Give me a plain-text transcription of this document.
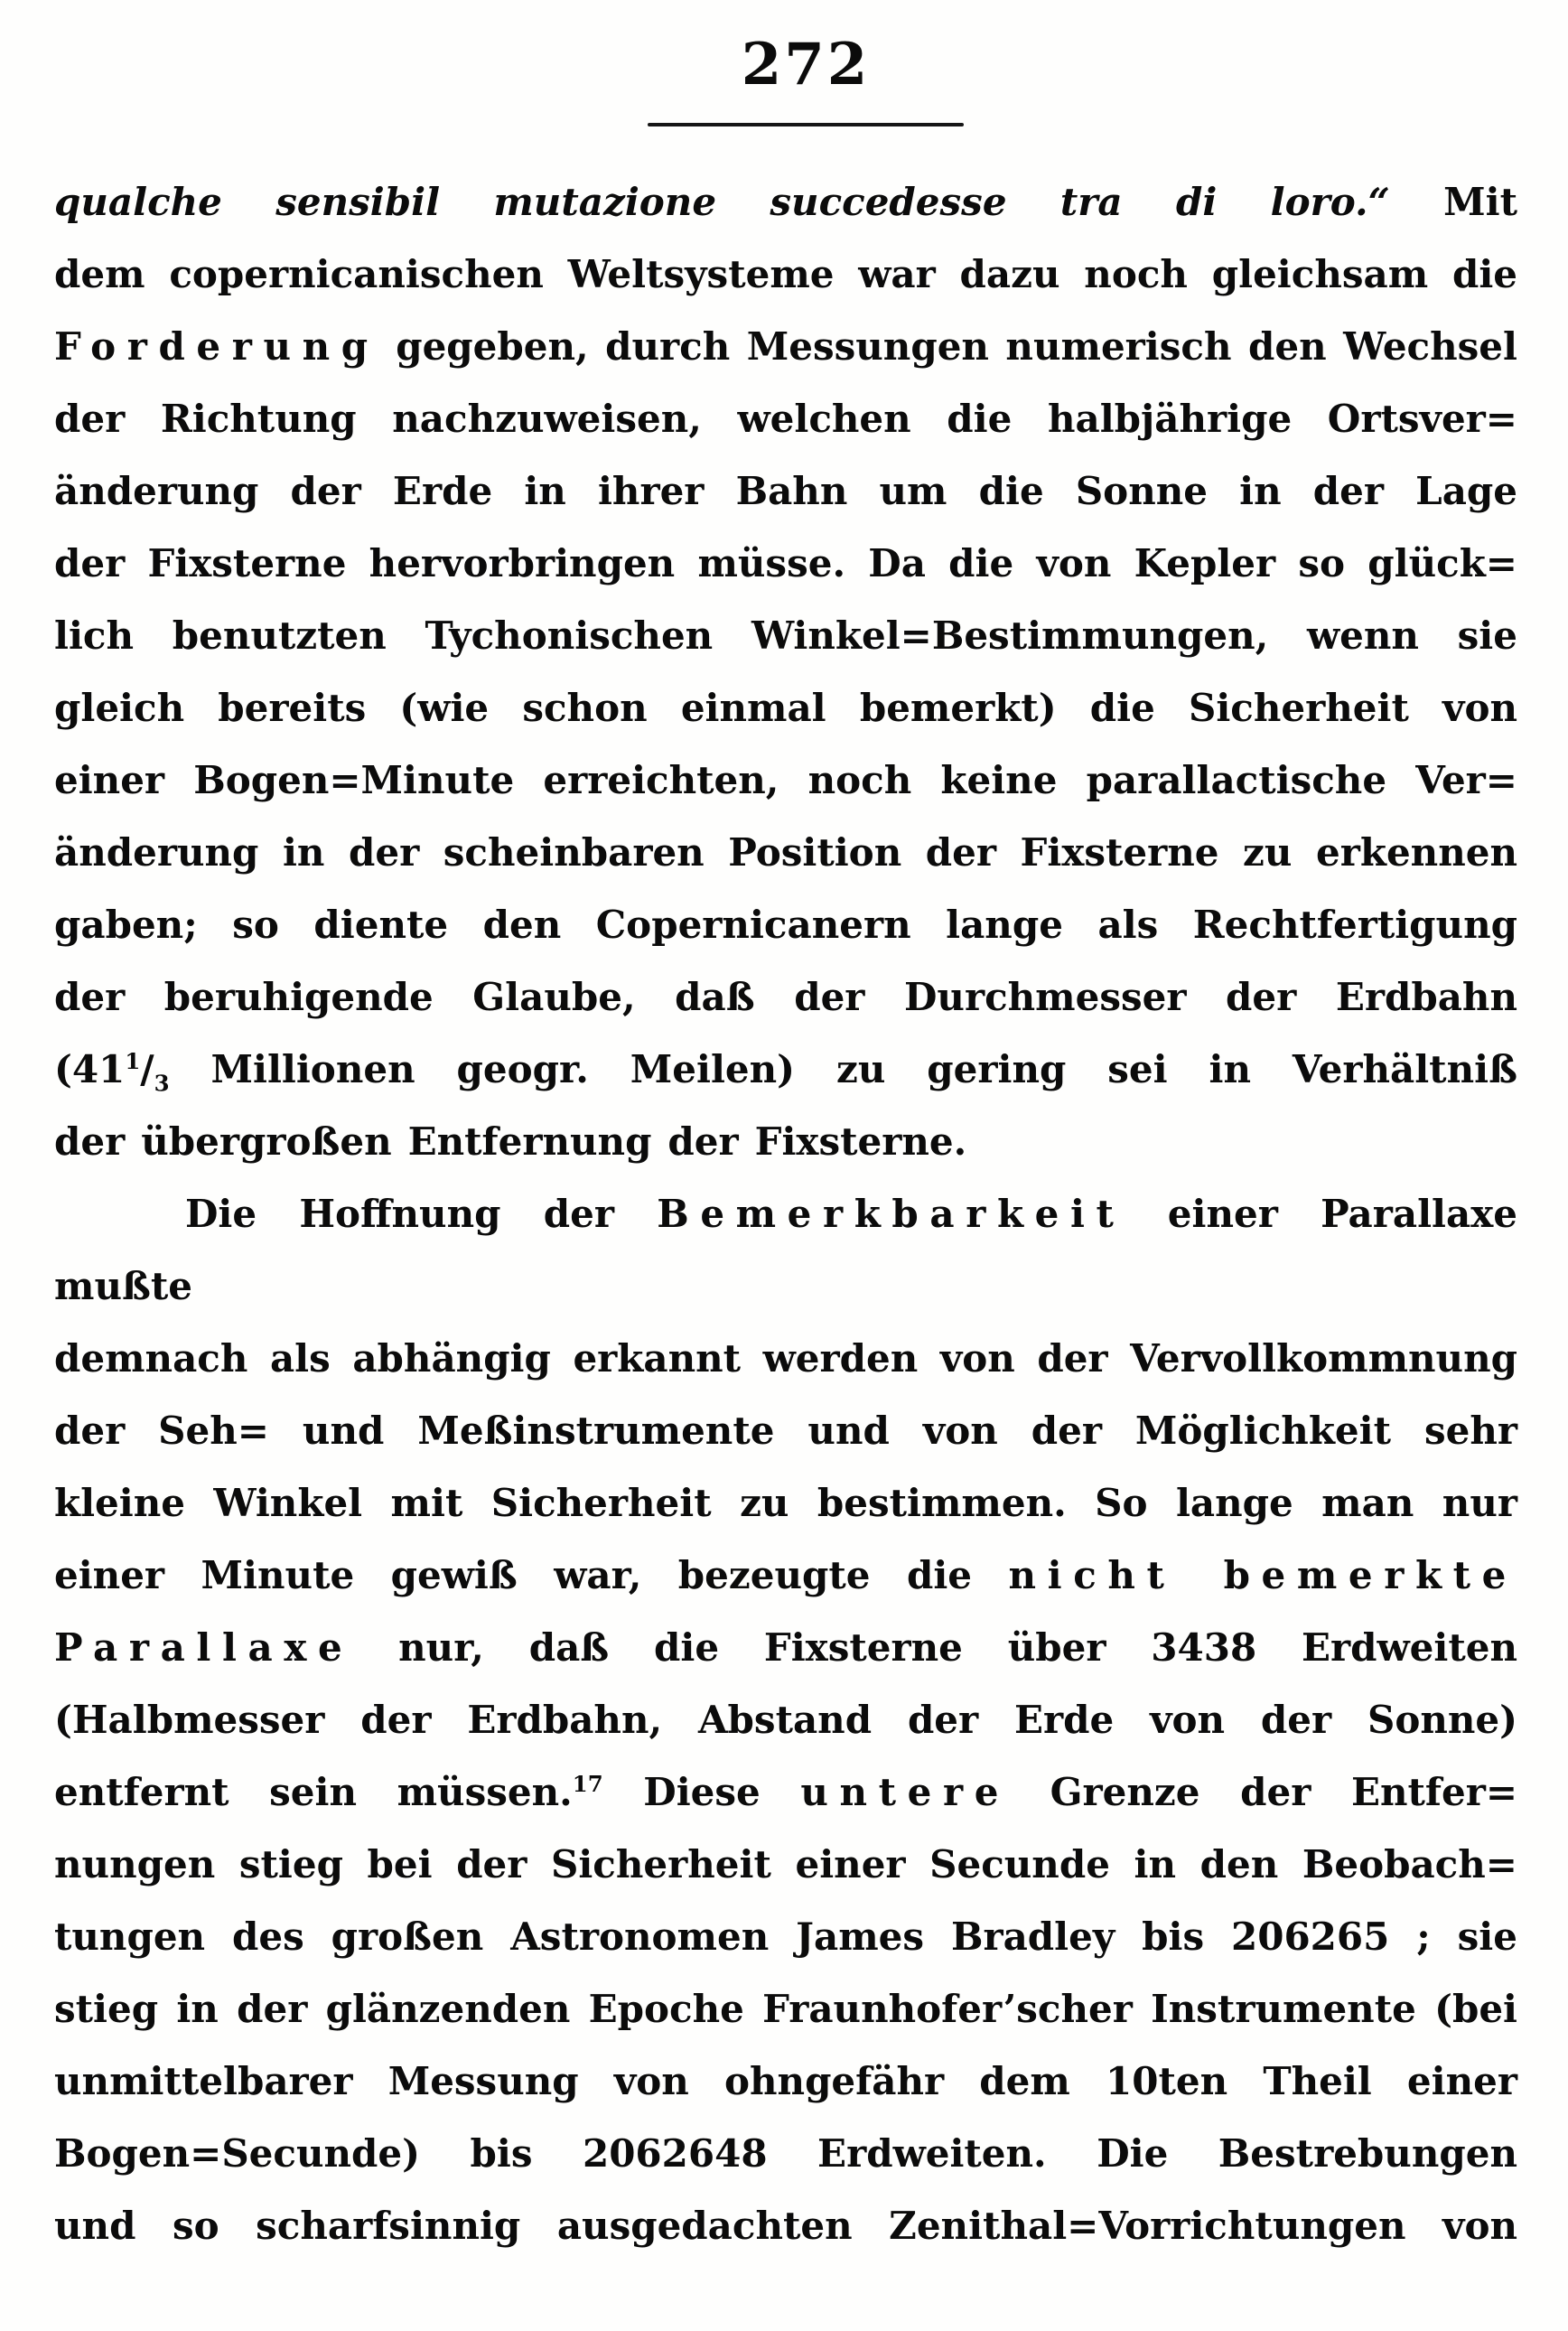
272
qualche sensibil mutazione succedesse tra di loro.“ Mit
dem copernicanischen Weltsysteme war dazu noch gleichsam die
Forderung gegeben, durch Messungen numerisch den Wechsel
der Richtung nachzuweisen, welchen die halbjährige Ortsver=
änderung der Erde in ihrer Bahn um die Sonne in der Lage
der Fixsterne hervorbringen müsse. Da die von Kepler so glück=
lich benutzten Tychonischen Winkel=Bestimmungen, wenn sie
gleich bereits (wie schon einmal bemerkt) die Sicherheit von
einer Bogen=Minute erreichten, noch keine parallactische Ver=
änderung in der scheinbaren Position der Fixsterne zu erkennen
gaben; so diente den Copernicanern lange als Rechtfertigung
der beruhigende Glaube, daß der Durchmesser der Erdbahn
($41^1/_3$ Millionen geogr. Meilen) zu gering sei in Verhältniß
der übergroßen Entfernung der Fixsterne.
Die Hoffnung der Bemerkbarkeit einer Parallaxe mußte
demnach als abhängig erkannt werden von der Vervollkommnung
der Seh= und Meßinstrumente und von der Möglichkeit sehr
kleine Winkel mit Sicherheit zu bestimmen. So lange man nur
einer Minute gewiß war, bezeugte die nicht bemerkte
Parallaxe nur, daß die Fixsterne über 3438 Erdweiten
(Halbmesser der Erdbahn, Abstand der Erde von der Sonne)
entfernt sein müssen.$^{17}$ Diese untere Grenze der Entfer=
nungen stieg bei der Sicherheit einer Secunde in den Beobach=
tungen des großen Astronomen James Bradley bis 206265 ; sie
stieg in der glänzenden Epoche Fraunhofer’scher Instrumente (bei
unmittelbarer Messung von ohngefähr dem 10ten Theil einer
Bogen=Secunde) bis 2062648 Erdweiten. Die Bestrebungen
und so scharfsinnig ausgedachten Zenithal=Vorrichtungen von
